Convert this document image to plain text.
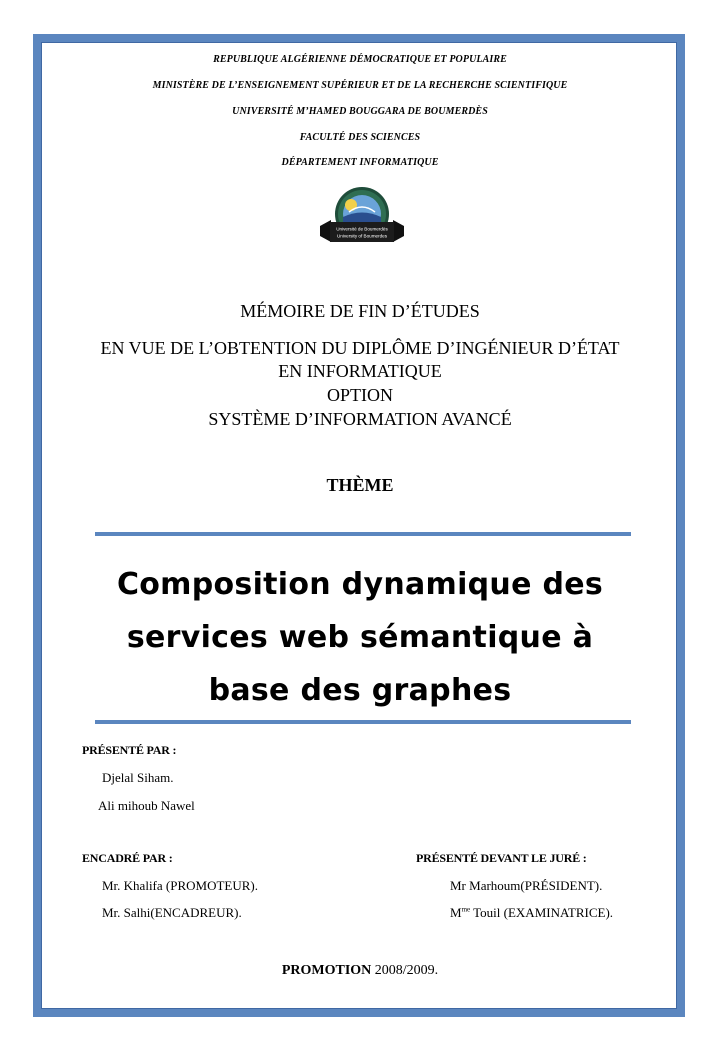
REPUBLIQUE ALGÉRIENNE DÉMOCRATIQUE ET POPULAIRE
MINISTÈRE DE L’ENSEIGNEMENT SUPÉRIEUR ET DE LA RECHERCHE SCIENTIFIQUE
UNIVERSITÉ M’HAMED BOUGGARA DE BOUMERDÈS
FACULTÉ DES SCIENCES
DÉPARTEMENT INFORMATIQUE
Université de Boumerdès
University of Boumerdes
MÉMOIRE DE FIN D’ÉTUDES
EN VUE DE L’OBTENTION DU DIPLÔME D’INGÉNIEUR D’ÉTAT
EN INFORMATIQUE
OPTION
SYSTÈME D’INFORMATION AVANCÉ
THÈME
Composition dynamique des
services web sémantique à
base des graphes
PRÉSENTÉ PAR :
Djelal Siham.
Ali mihoub Nawel
ENCADRÉ PAR :
Mr. Khalifa (PROMOTEUR).
Mr. Salhi(ENCADREUR).
PRÉSENTÉ DEVANT LE JURÉ :
Mr Marhoum(PRÉSIDENT).
$M^{me}$ Touil (EXAMINATRICE).
PROMOTION 2008/2009.
